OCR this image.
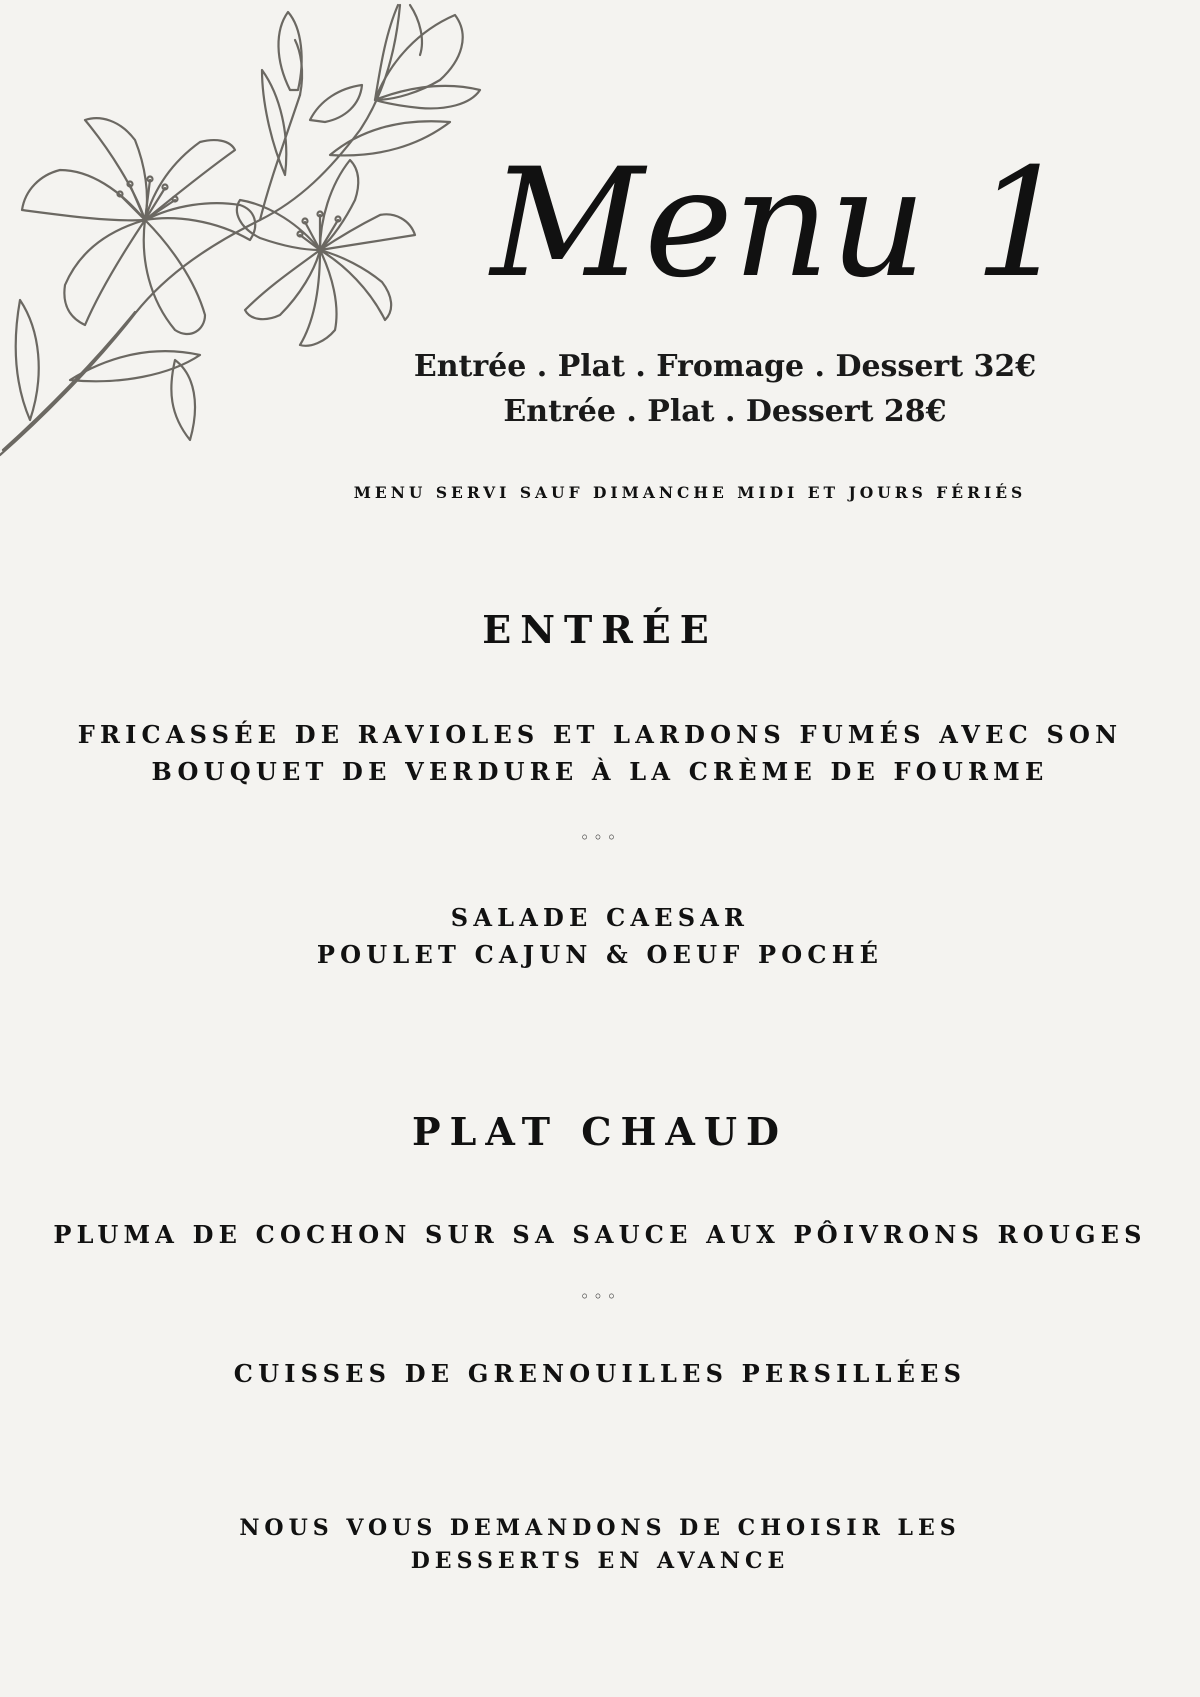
Menu 1
Entrée . Plat . Fromage . Dessert 32€
Entrée . Plat . Dessert 28€
MENU SERVI SAUF DIMANCHE MIDI ET JOURS FÉRIÉS
ENTRÉE
FRICASSÉE DE RAVIOLES ET LARDONS FUMÉS AVEC SON
BOUQUET DE VERDURE À LA CRÈME DE FOURME
◦◦◦
SALADE CAESAR
POULET CAJUN & OEUF POCHÉ
PLAT CHAUD
PLUMA DE COCHON SUR SA SAUCE AUX PÔIVRONS ROUGES
◦◦◦
CUISSES DE GRENOUILLES PERSILLÉES
NOUS VOUS DEMANDONS DE CHOISIR LES
DESSERTS EN AVANCE
